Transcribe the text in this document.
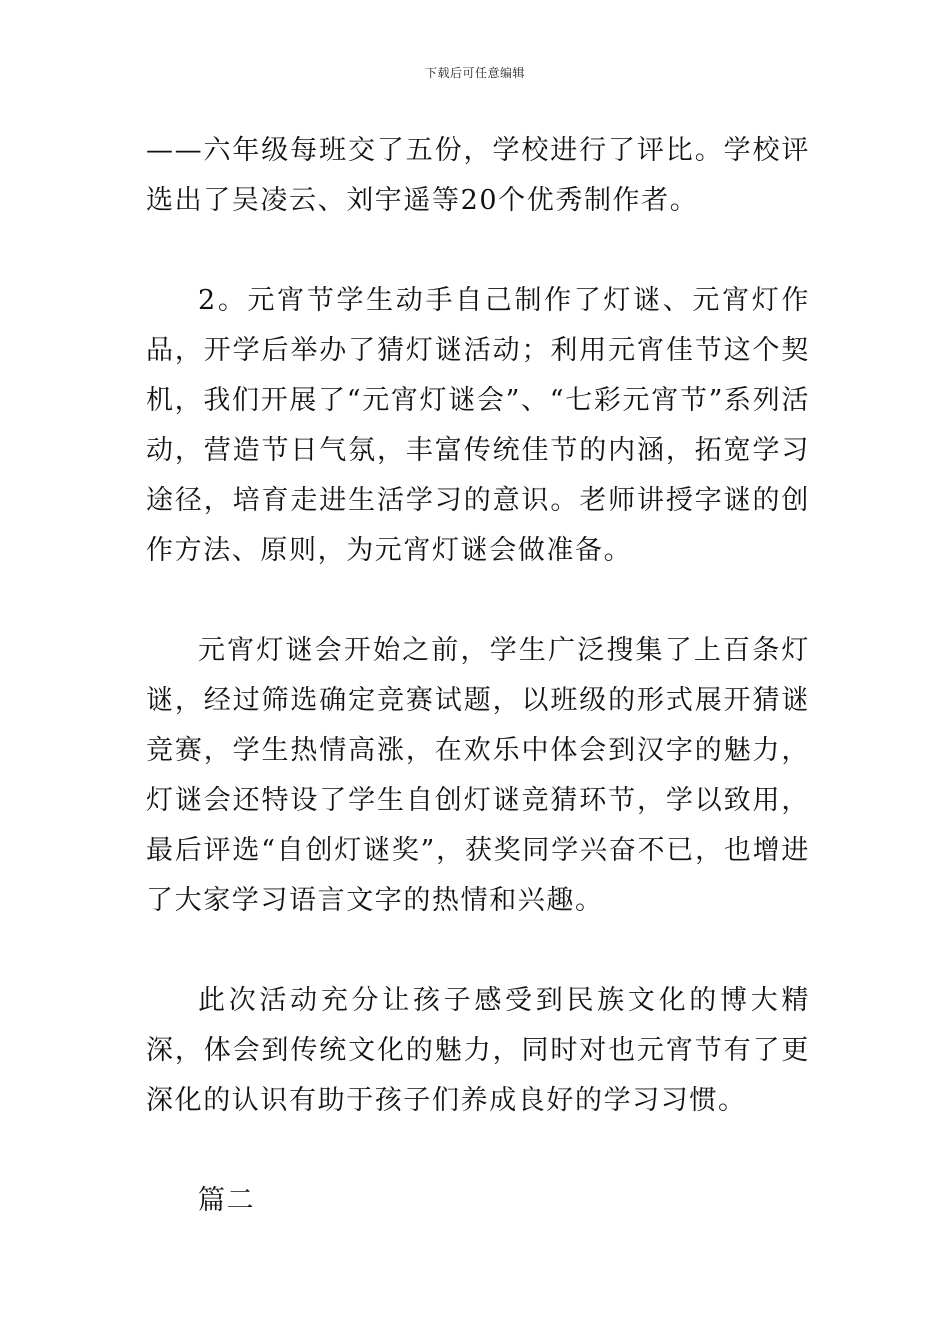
下载后可任意编辑

——六年级每班交了五份，学校进行了评比。学校评选出了吴凌云、刘宇遥等20个优秀制作者。

2。元宵节学生动手自己制作了灯谜、元宵灯作品，开学后举办了猜灯谜活动；利用元宵佳节这个契机，我们开展了“元宵灯谜会”、“七彩元宵节”系列活动，营造节日气氛，丰富传统佳节的内涵，拓宽学习途径，培育走进生活学习的意识。老师讲授字谜的创作方法、原则，为元宵灯谜会做准备。

元宵灯谜会开始之前，学生广泛搜集了上百条灯谜，经过筛选确定竞赛试题，以班级的形式展开猜谜竞赛，学生热情高涨，在欢乐中体会到汉字的魅力，灯谜会还特设了学生自创灯谜竞猜环节，学以致用，最后评选“自创灯谜奖”，获奖同学兴奋不已，也增进了大家学习语言文字的热情和兴趣。

此次活动充分让孩子感受到民族文化的博大精深，体会到传统文化的魅力，同时对也元宵节有了更深化的认识有助于孩子们养成良好的学习习惯。

篇二
